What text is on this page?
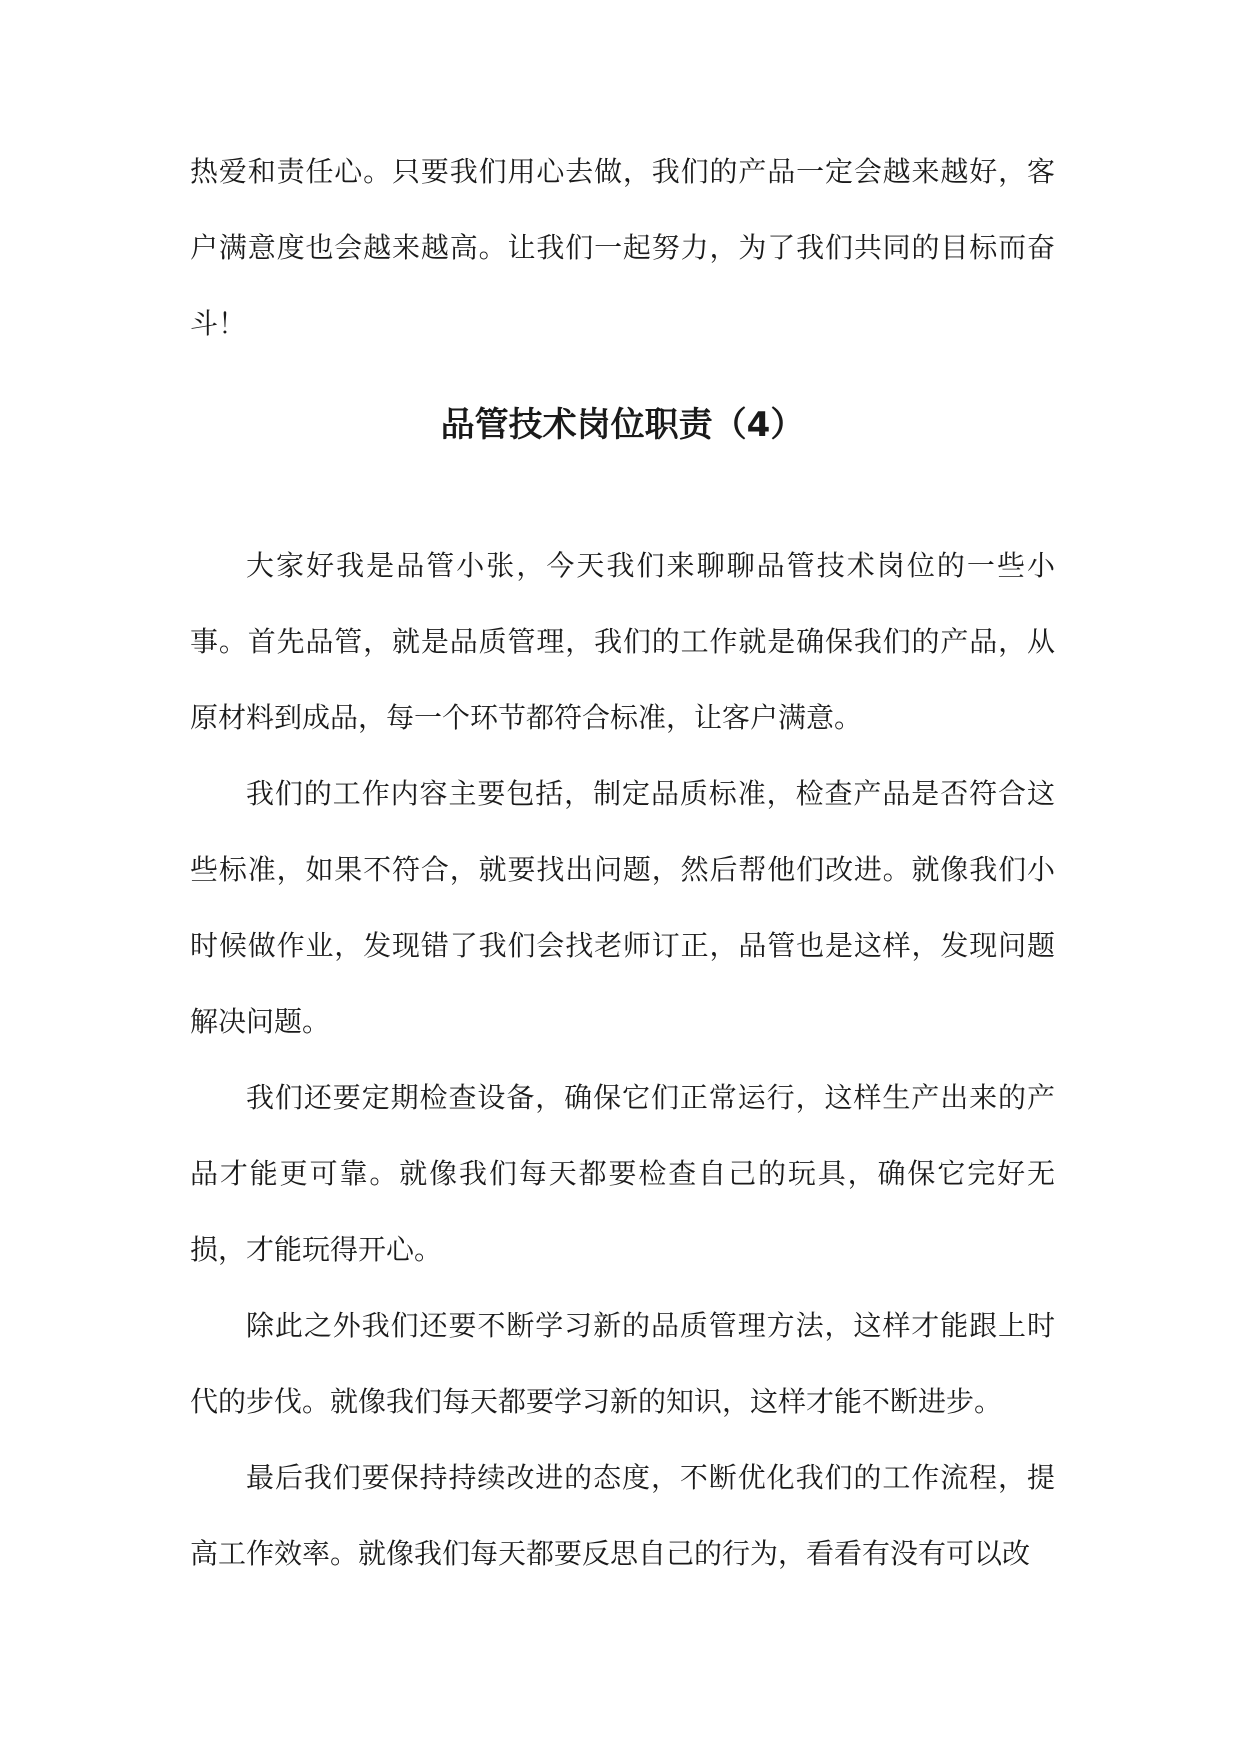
热爱和责任心。只要我们用心去做，我们的产品一定会越来越好，客户满意度也会越来越高。让我们一起努力，为了我们共同的目标而奋斗！

品管技术岗位职责（4）

大家好我是品管小张，今天我们来聊聊品管技术岗位的一些小事。首先品管，就是品质管理，我们的工作就是确保我们的产品，从原材料到成品，每一个环节都符合标准，让客户满意。

我们的工作内容主要包括，制定品质标准，检查产品是否符合这些标准，如果不符合，就要找出问题，然后帮他们改进。就像我们小时候做作业，发现错了我们会找老师订正，品管也是这样，发现问题解决问题。

我们还要定期检查设备，确保它们正常运行，这样生产出来的产品才能更可靠。就像我们每天都要检查自己的玩具，确保它完好无损，才能玩得开心。

除此之外我们还要不断学习新的品质管理方法，这样才能跟上时代的步伐。就像我们每天都要学习新的知识，这样才能不断进步。

最后我们要保持持续改进的态度，不断优化我们的工作流程，提高工作效率。就像我们每天都要反思自己的行为，看看有没有可以改
